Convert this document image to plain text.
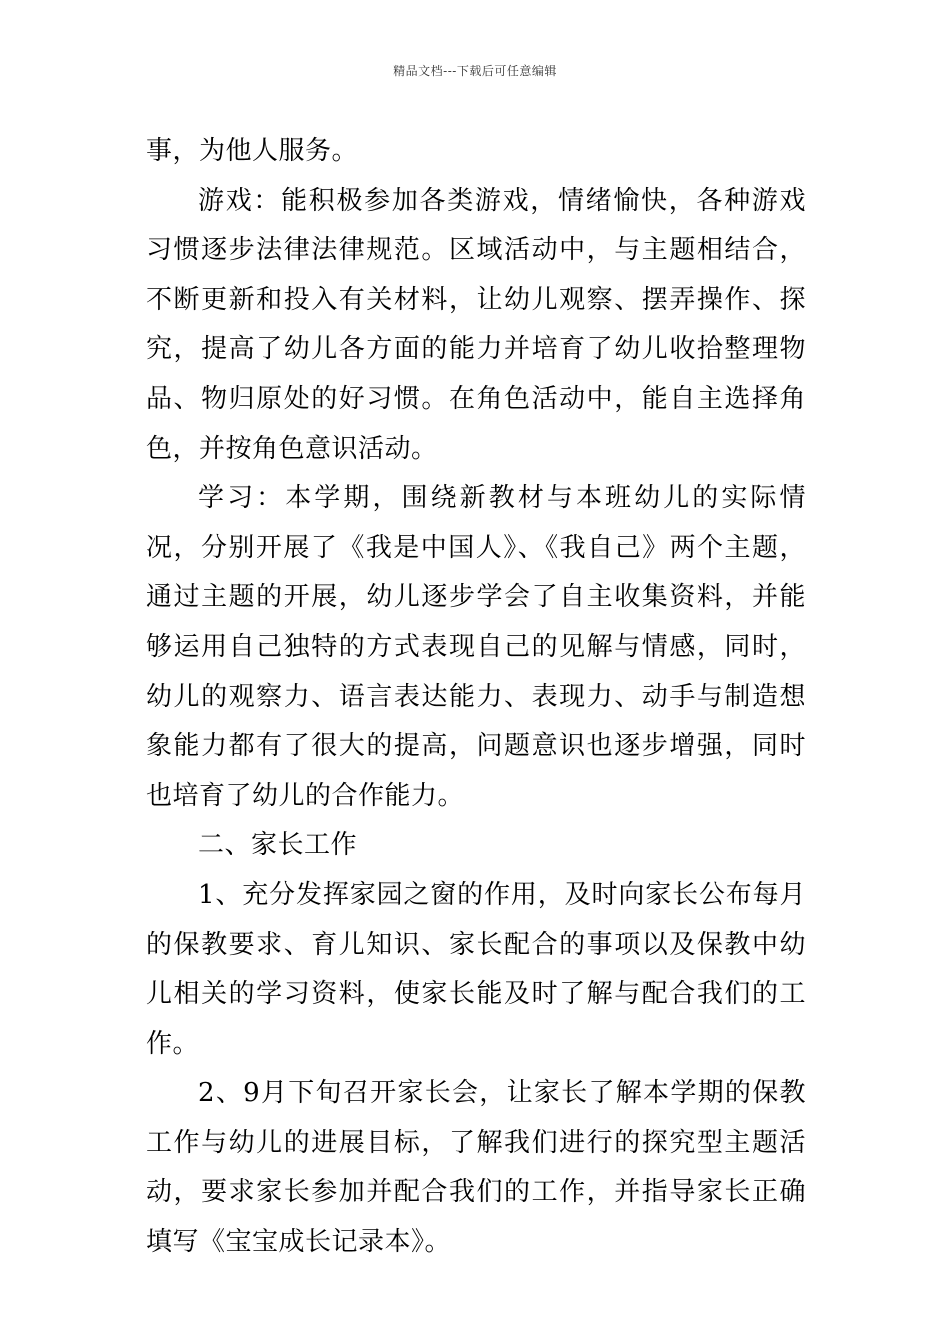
精品文档---下载后可任意编辑

事，为他人服务。

游戏：能积极参加各类游戏，情绪愉快，各种游戏习惯逐步法律法律规范。区域活动中，与主题相结合，不断更新和投入有关材料，让幼儿观察、摆弄操作、探究，提高了幼儿各方面的能力并培育了幼儿收拾整理物品、物归原处的好习惯。在角色活动中，能自主选择角色，并按角色意识活动。

学习：本学期，围绕新教材与本班幼儿的实际情况，分别开展了《我是中国人》、《我自己》两个主题，通过主题的开展，幼儿逐步学会了自主收集资料，并能够运用自己独特的方式表现自己的见解与情感，同时，幼儿的观察力、语言表达能力、表现力、动手与制造想象能力都有了很大的提高，问题意识也逐步增强，同时也培育了幼儿的合作能力。

二、家长工作

1、充分发挥家园之窗的作用，及时向家长公布每月的保教要求、育儿知识、家长配合的事项以及保教中幼儿相关的学习资料，使家长能及时了解与配合我们的工作。

2、9月下旬召开家长会，让家长了解本学期的保教工作与幼儿的进展目标，了解我们进行的探究型主题活动，要求家长参加并配合我们的工作，并指导家长正确填写《宝宝成长记录本》。
